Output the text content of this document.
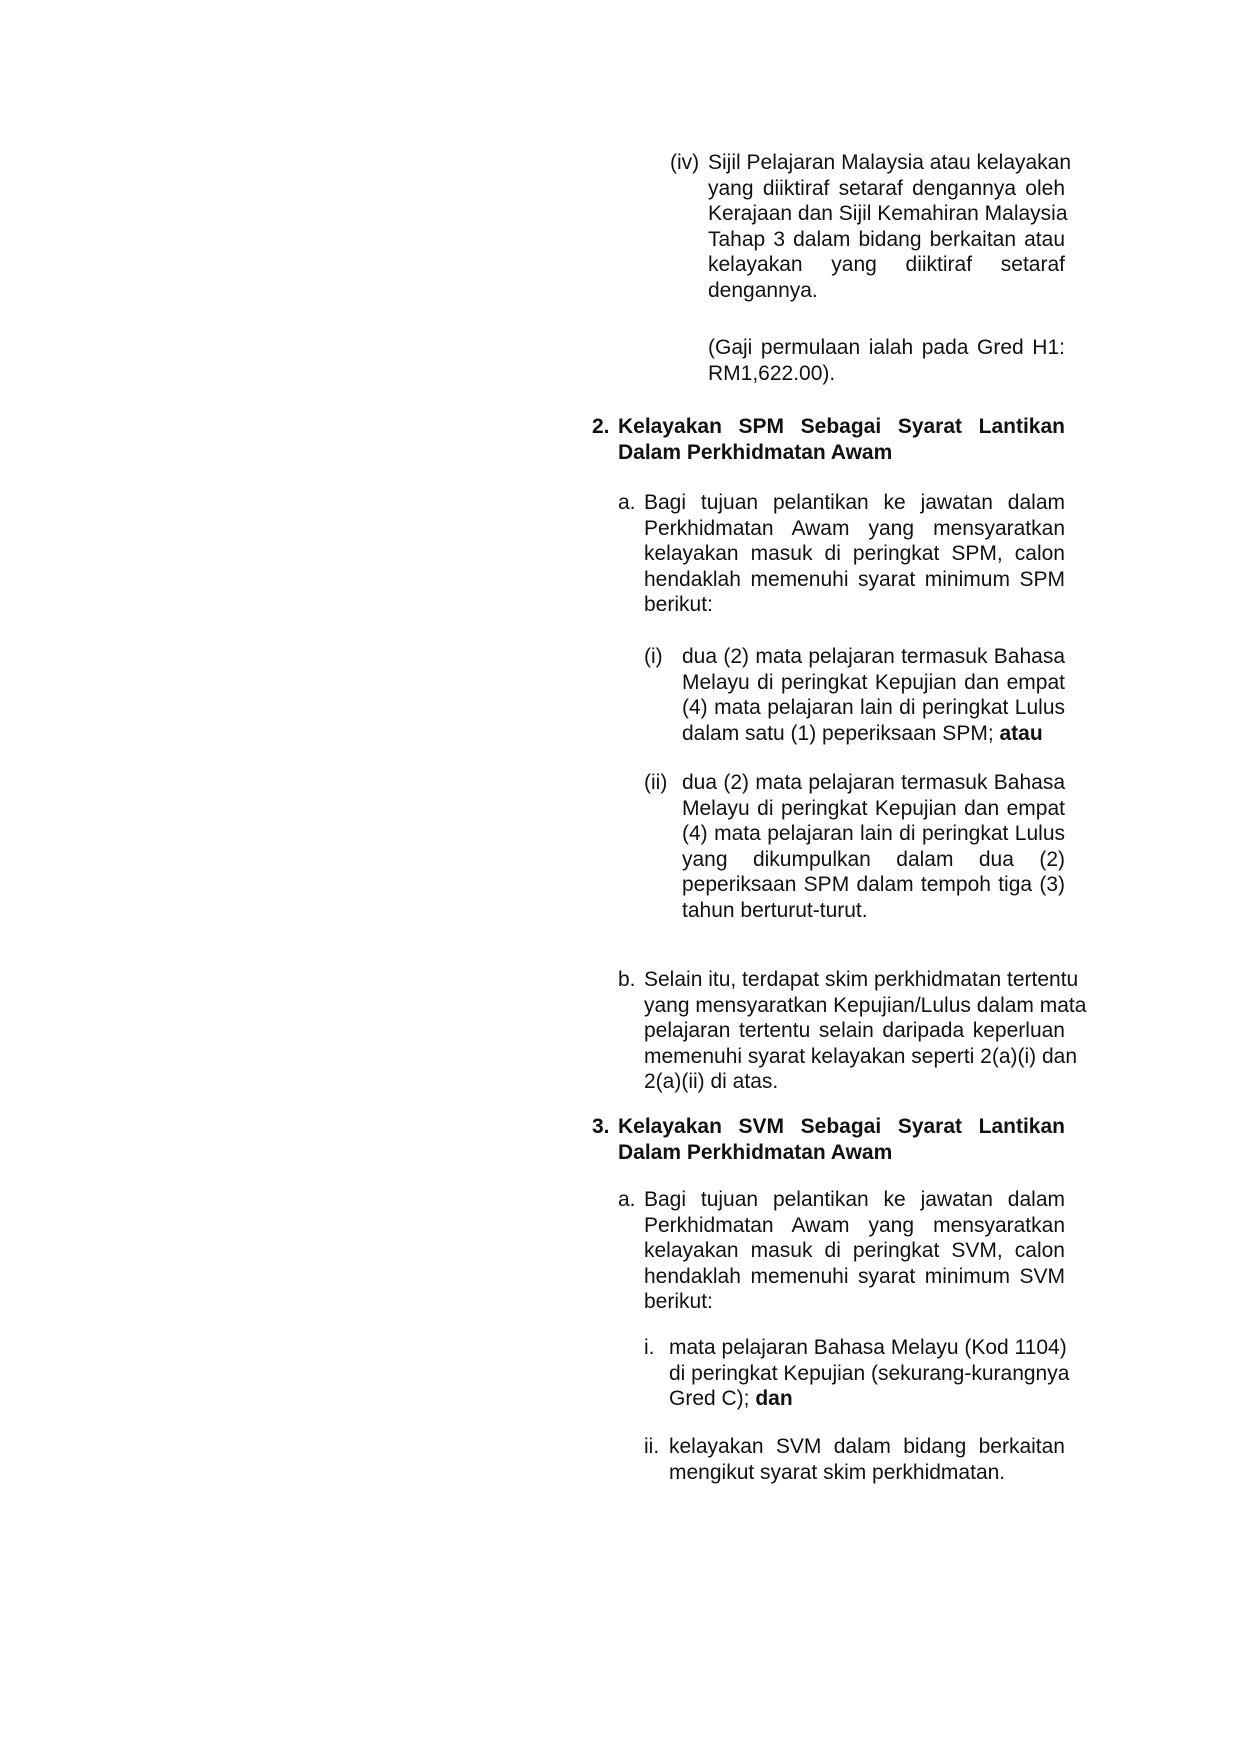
(iv) Sijil Pelajaran Malaysia atau kelayakan
yang diiktiraf setaraf dengannya oleh
Kerajaan dan Sijil Kemahiran Malaysia
Tahap 3 dalam bidang berkaitan atau
kelayakan yang diiktiraf setaraf
dengannya.
(Gaji permulaan ialah pada Gred H1:
RM1,622.00).
2. Kelayakan SPM Sebagai Syarat Lantikan
Dalam Perkhidmatan Awam
a. Bagi tujuan pelantikan ke jawatan dalam
Perkhidmatan Awam yang mensyaratkan
kelayakan masuk di peringkat SPM, calon
hendaklah memenuhi syarat minimum SPM
berikut:
(i) dua (2) mata pelajaran termasuk Bahasa
Melayu di peringkat Kepujian dan empat
(4) mata pelajaran lain di peringkat Lulus
dalam satu (1) peperiksaan SPM; atau
(ii) dua (2) mata pelajaran termasuk Bahasa
Melayu di peringkat Kepujian dan empat
(4) mata pelajaran lain di peringkat Lulus
yang dikumpulkan dalam dua (2)
peperiksaan SPM dalam tempoh tiga (3)
tahun berturut-turut.
b. Selain itu, terdapat skim perkhidmatan tertentu
yang mensyaratkan Kepujian/Lulus dalam mata
pelajaran tertentu selain daripada keperluan
memenuhi syarat kelayakan seperti 2(a)(i) dan
2(a)(ii) di atas.
3. Kelayakan SVM Sebagai Syarat Lantikan
Dalam Perkhidmatan Awam
a. Bagi tujuan pelantikan ke jawatan dalam
Perkhidmatan Awam yang mensyaratkan
kelayakan masuk di peringkat SVM, calon
hendaklah memenuhi syarat minimum SVM
berikut:
i. mata pelajaran Bahasa Melayu (Kod 1104)
di peringkat Kepujian (sekurang-kurangnya
Gred C); dan
ii. kelayakan SVM dalam bidang berkaitan
mengikut syarat skim perkhidmatan.
